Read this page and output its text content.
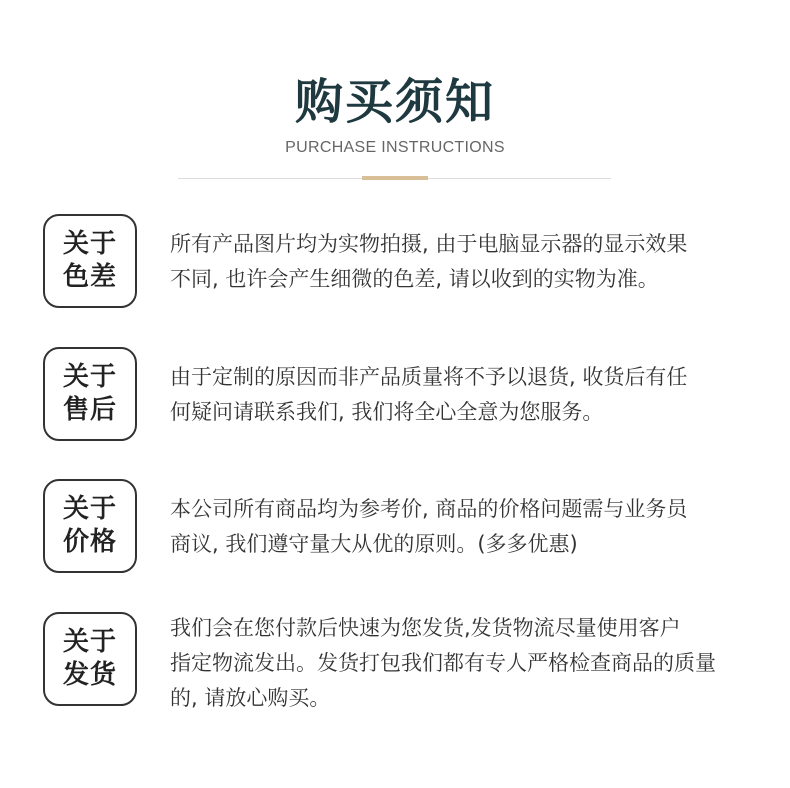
购买须知
PURCHASE INSTRUCTIONS
关于
色差
所有产品图片均为实物拍摄, 由于电脑显示器的显示效果
不同, 也许会产生细微的色差, 请以收到的实物为准。
关于
售后
由于定制的原因而非产品质量将不予以退货, 收货后有任
何疑问请联系我们, 我们将全心全意为您服务。
关于
价格
本公司所有商品均为参考价, 商品的价格问题需与业务员
商议, 我们遵守量大从优的原则。(多多优惠)
关于
发货
我们会在您付款后快速为您发货,发货物流尽量使用客户
指定物流发出。发货打包我们都有专人严格检查商品的质量
的, 请放心购买。
